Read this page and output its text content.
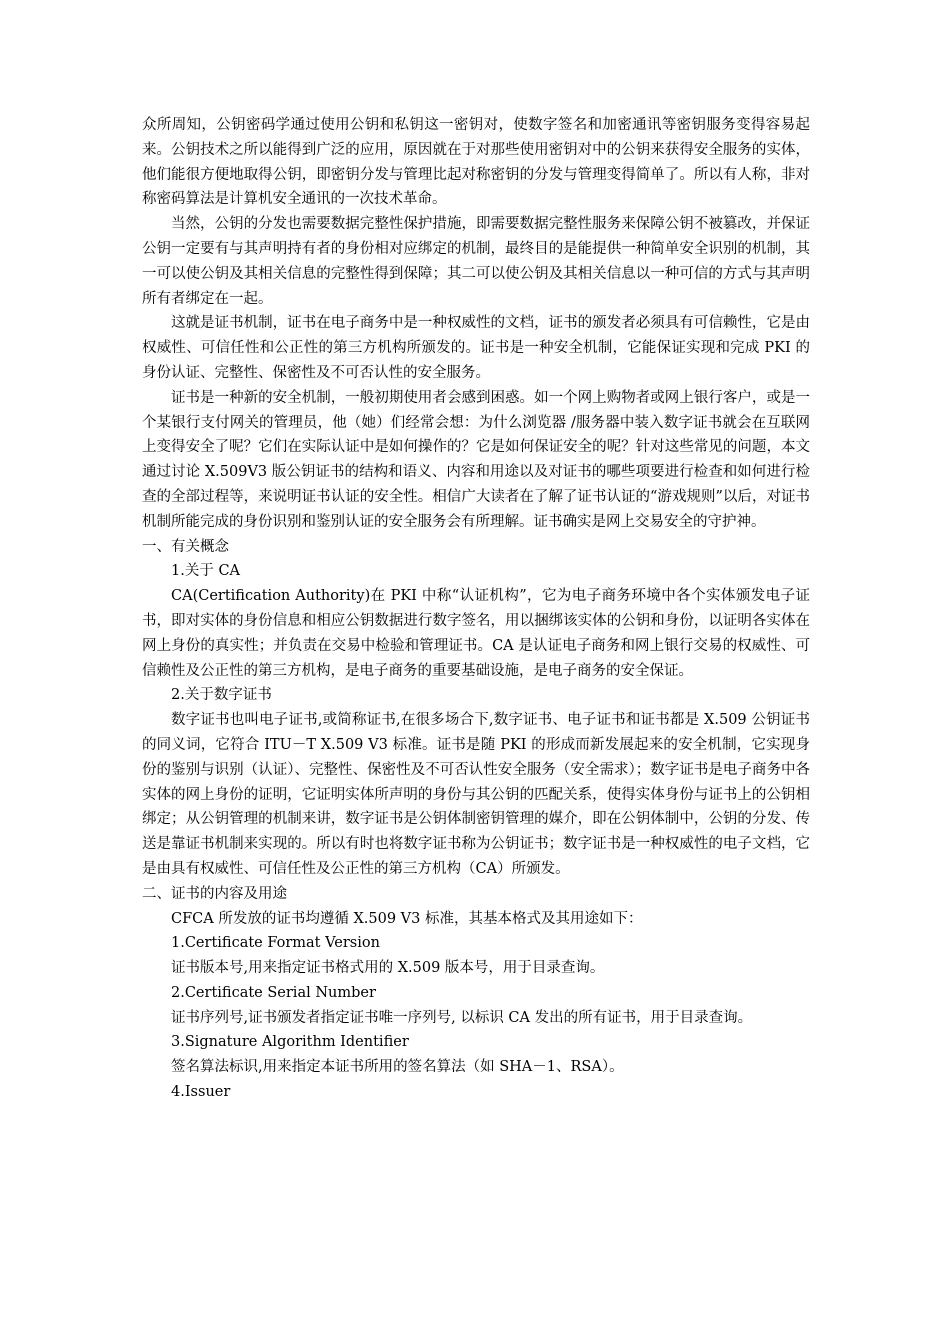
众所周知，公钥密码学通过使用公钥和私钥这一密钥对，使数字签名和加密通讯等密钥服务变得容易起来。公钥技术之所以能得到广泛的应用，原因就在于对那些使用密钥对中的公钥来获得安全服务的实体，他们能很方便地取得公钥，即密钥分发与管理比起对称密钥的分发与管理变得简单了。所以有人称，非对称密码算法是计算机安全通讯的一次技术革命。

当然，公钥的分发也需要数据完整性保护措施，即需要数据完整性服务来保障公钥不被篡改，并保证公钥一定要有与其声明持有者的身份相对应绑定的机制，最终目的是能提供一种简单安全识别的机制，其一可以使公钥及其相关信息的完整性得到保障；其二可以使公钥及其相关信息以一种可信的方式与其声明所有者绑定在一起。

这就是证书机制，证书在电子商务中是一种权威性的文档，证书的颁发者必须具有可信赖性，它是由权威性、可信任性和公正性的第三方机构所颁发的。证书是一种安全机制，它能保证实现和完成 PKI 的身份认证、完整性、保密性及不可否认性的安全服务。

证书是一种新的安全机制，一般初期使用者会感到困惑。如一个网上购物者或网上银行客户，或是一个某银行支付网关的管理员，他（她）们经常会想：为什么浏览器 /服务器中装入数字证书就会在互联网上变得安全了呢？它们在实际认证中是如何操作的？它是如何保证安全的呢？针对这些常见的问题，本文通过讨论 X.509V3 版公钥证书的结构和语义、内容和用途以及对证书的哪些项要进行检查和如何进行检查的全部过程等，来说明证书认证的安全性。相信广大读者在了解了证书认证的“游戏规则”以后，对证书机制所能完成的身份识别和鉴别认证的安全服务会有所理解。证书确实是网上交易安全的守护神。

一、有关概念

1.关于 CA

CA(Certification Authority)在 PKI 中称“认证机构”，它为电子商务环境中各个实体颁发电子证书，即对实体的身份信息和相应公钥数据进行数字签名，用以捆绑该实体的公钥和身份，以证明各实体在网上身份的真实性；并负责在交易中检验和管理证书。CA 是认证电子商务和网上银行交易的权威性、可信赖性及公正性的第三方机构，是电子商务的重要基础设施，是电子商务的安全保证。

2.关于数字证书

数字证书也叫电子证书,或简称证书,在很多场合下,数字证书、电子证书和证书都是 X.509 公钥证书的同义词，它符合 ITU－T X.509 V3 标准。证书是随 PKI 的形成而新发展起来的安全机制，它实现身份的鉴别与识别（认证）、完整性、保密性及不可否认性安全服务（安全需求）；数字证书是电子商务中各实体的网上身份的证明，它证明实体所声明的身份与其公钥的匹配关系，使得实体身份与证书上的公钥相绑定；从公钥管理的机制来讲，数字证书是公钥体制密钥管理的媒介，即在公钥体制中，公钥的分发、传送是靠证书机制来实现的。所以有时也将数字证书称为公钥证书；数字证书是一种权威性的电子文档，它是由具有权威性、可信任性及公正性的第三方机构（CA）所颁发。

二、证书的内容及用途

CFCA 所发放的证书均遵循 X.509 V3 标准，其基本格式及其用途如下：

1.Certificate Format Version

证书版本号,用来指定证书格式用的 X.509 版本号，用于目录查询。

2.Certificate Serial Number

证书序列号,证书颁发者指定证书唯一序列号, 以标识 CA 发出的所有证书，用于目录查询。

3.Signature Algorithm Identifier

签名算法标识,用来指定本证书所用的签名算法（如 SHA－1、RSA）。

4.Issuer
